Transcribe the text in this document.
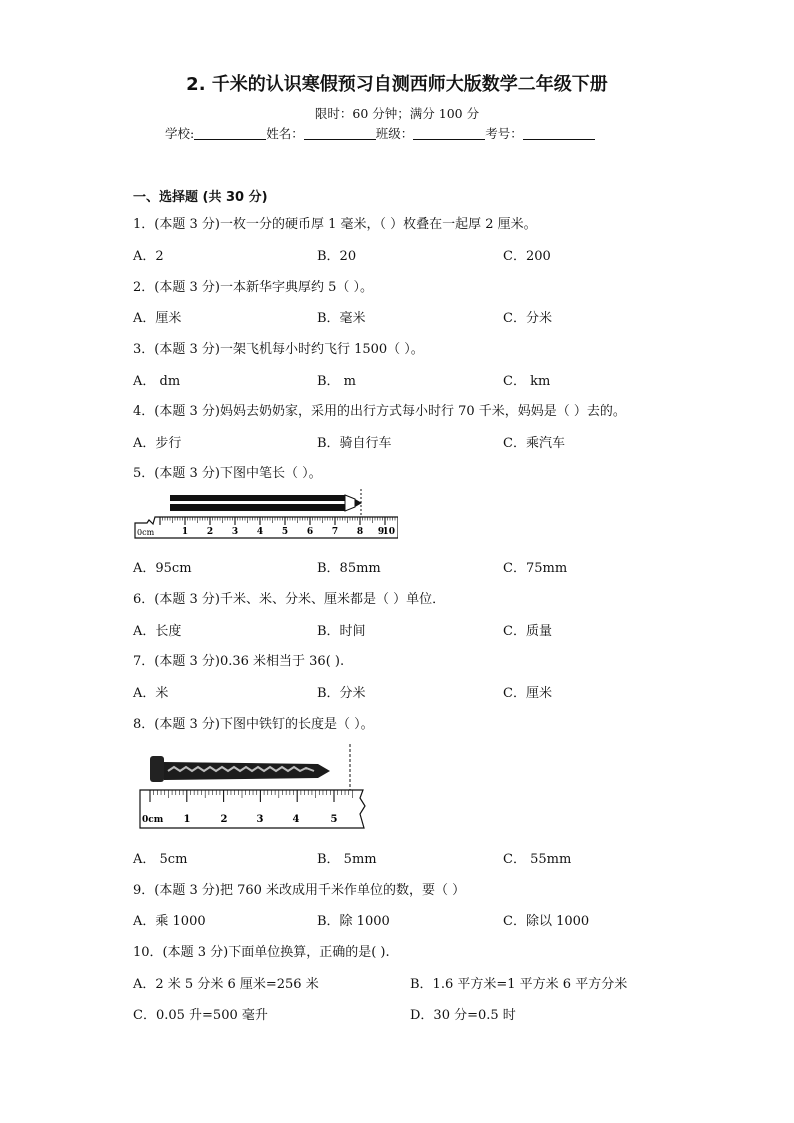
2. 千米的认识寒假预习自测西师大版数学二年级下册
限时：60 分钟；满分 100 分
学校:	姓名：	班级：	考号：
一、选择题 (共 30 分)
1．(本题 3 分)一枚一分的硬币厚 1 毫米，（ ）枚叠在一起厚 2 厘米。
A．2	B．20	C．200
2．(本题 3 分)一本新华字典厚约 5（ ）。
A．厘米	B．毫米	C．分米
3．(本题 3 分)一架飞机每小时约飞行 1500（ ）。
A． dm	B． m	C． km
4．(本题 3 分)妈妈去奶奶家，采用的出行方式每小时行 70 千米，妈妈是（ ）去的。
A．步行	B．骑自行车	C．乘汽车
5．(本题 3 分)下图中笔长（ ）。
0cm	1 2 3 4 5 6 7 8 9
10
A．95cm	B．85mm	C．75mm
6．(本题 3 分)千米、米、分米、厘米都是（ ）单位．
A．长度	B．时间	C．质量
7．(本题 3 分)0.36 米相当于 36( ).
A．米	B．分米	C．厘米
8．(本题 3 分)下图中铁钉的长度是（ ）。
0cm 1	2	3	4	5
A． 5cm	B． 5mm	C． 55mm
9．(本题 3 分)把 760 米改成用千米作单位的数，要（ ）
A．乘 1000	B．除 1000	C．除以 1000
10．(本题 3 分)下面单位换算，正确的是( ).
A．2 米 5 分米 6 厘米=256 米	B．1.6 平方米=1 平方米 6 平方分米
C．0.05 升=500 毫升	D．30 分=0.5 时
